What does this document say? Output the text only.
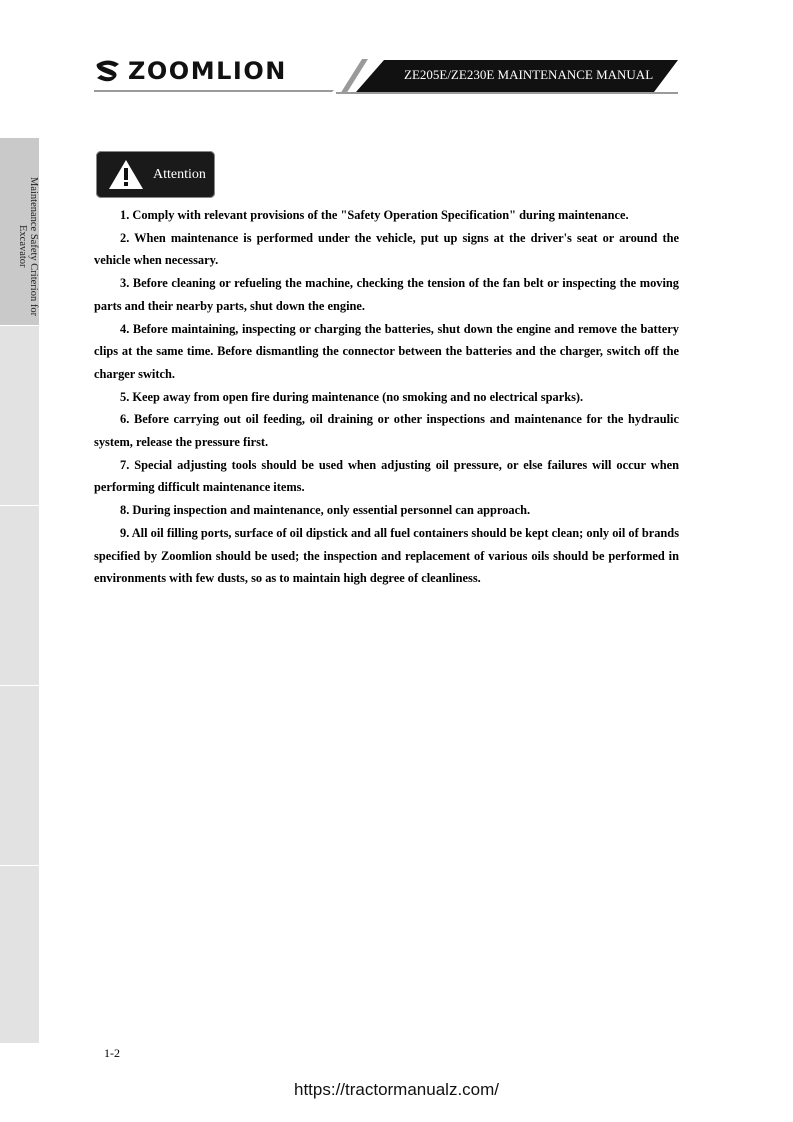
ZOOMLION	ZE205E/ZE230E MAINTENANCE MANUAL
Maintenance Safety Criterion for Excavator
Attention

1. Comply with relevant provisions of the "Safety Operation Specification" during maintenance.

2. When maintenance is performed under the vehicle, put up signs at the driver's seat or around the vehicle when necessary.

3. Before cleaning or refueling the machine, checking the tension of the fan belt or inspecting the moving parts and their nearby parts, shut down the engine.

4. Before maintaining, inspecting or charging the batteries, shut down the engine and remove the battery clips at the same time. Before dismantling the connector between the batteries and the charger, switch off the charger switch.

5. Keep away from open fire during maintenance (no smoking and no electrical sparks).

6. Before carrying out oil feeding, oil draining or other inspections and maintenance for the hydraulic system, release the pressure first.

7. Special adjusting tools should be used when adjusting oil pressure, or else failures will occur when performing difficult maintenance items.

8. During inspection and maintenance, only essential personnel can approach.

9. All oil filling ports, surface of oil dipstick and all fuel containers should be kept clean; only oil of brands specified by Zoomlion should be used; the inspection and replacement of various oils should be performed in environments with few dusts, so as to maintain high degree of cleanliness.

1-2
https://tractormanualz.com/
